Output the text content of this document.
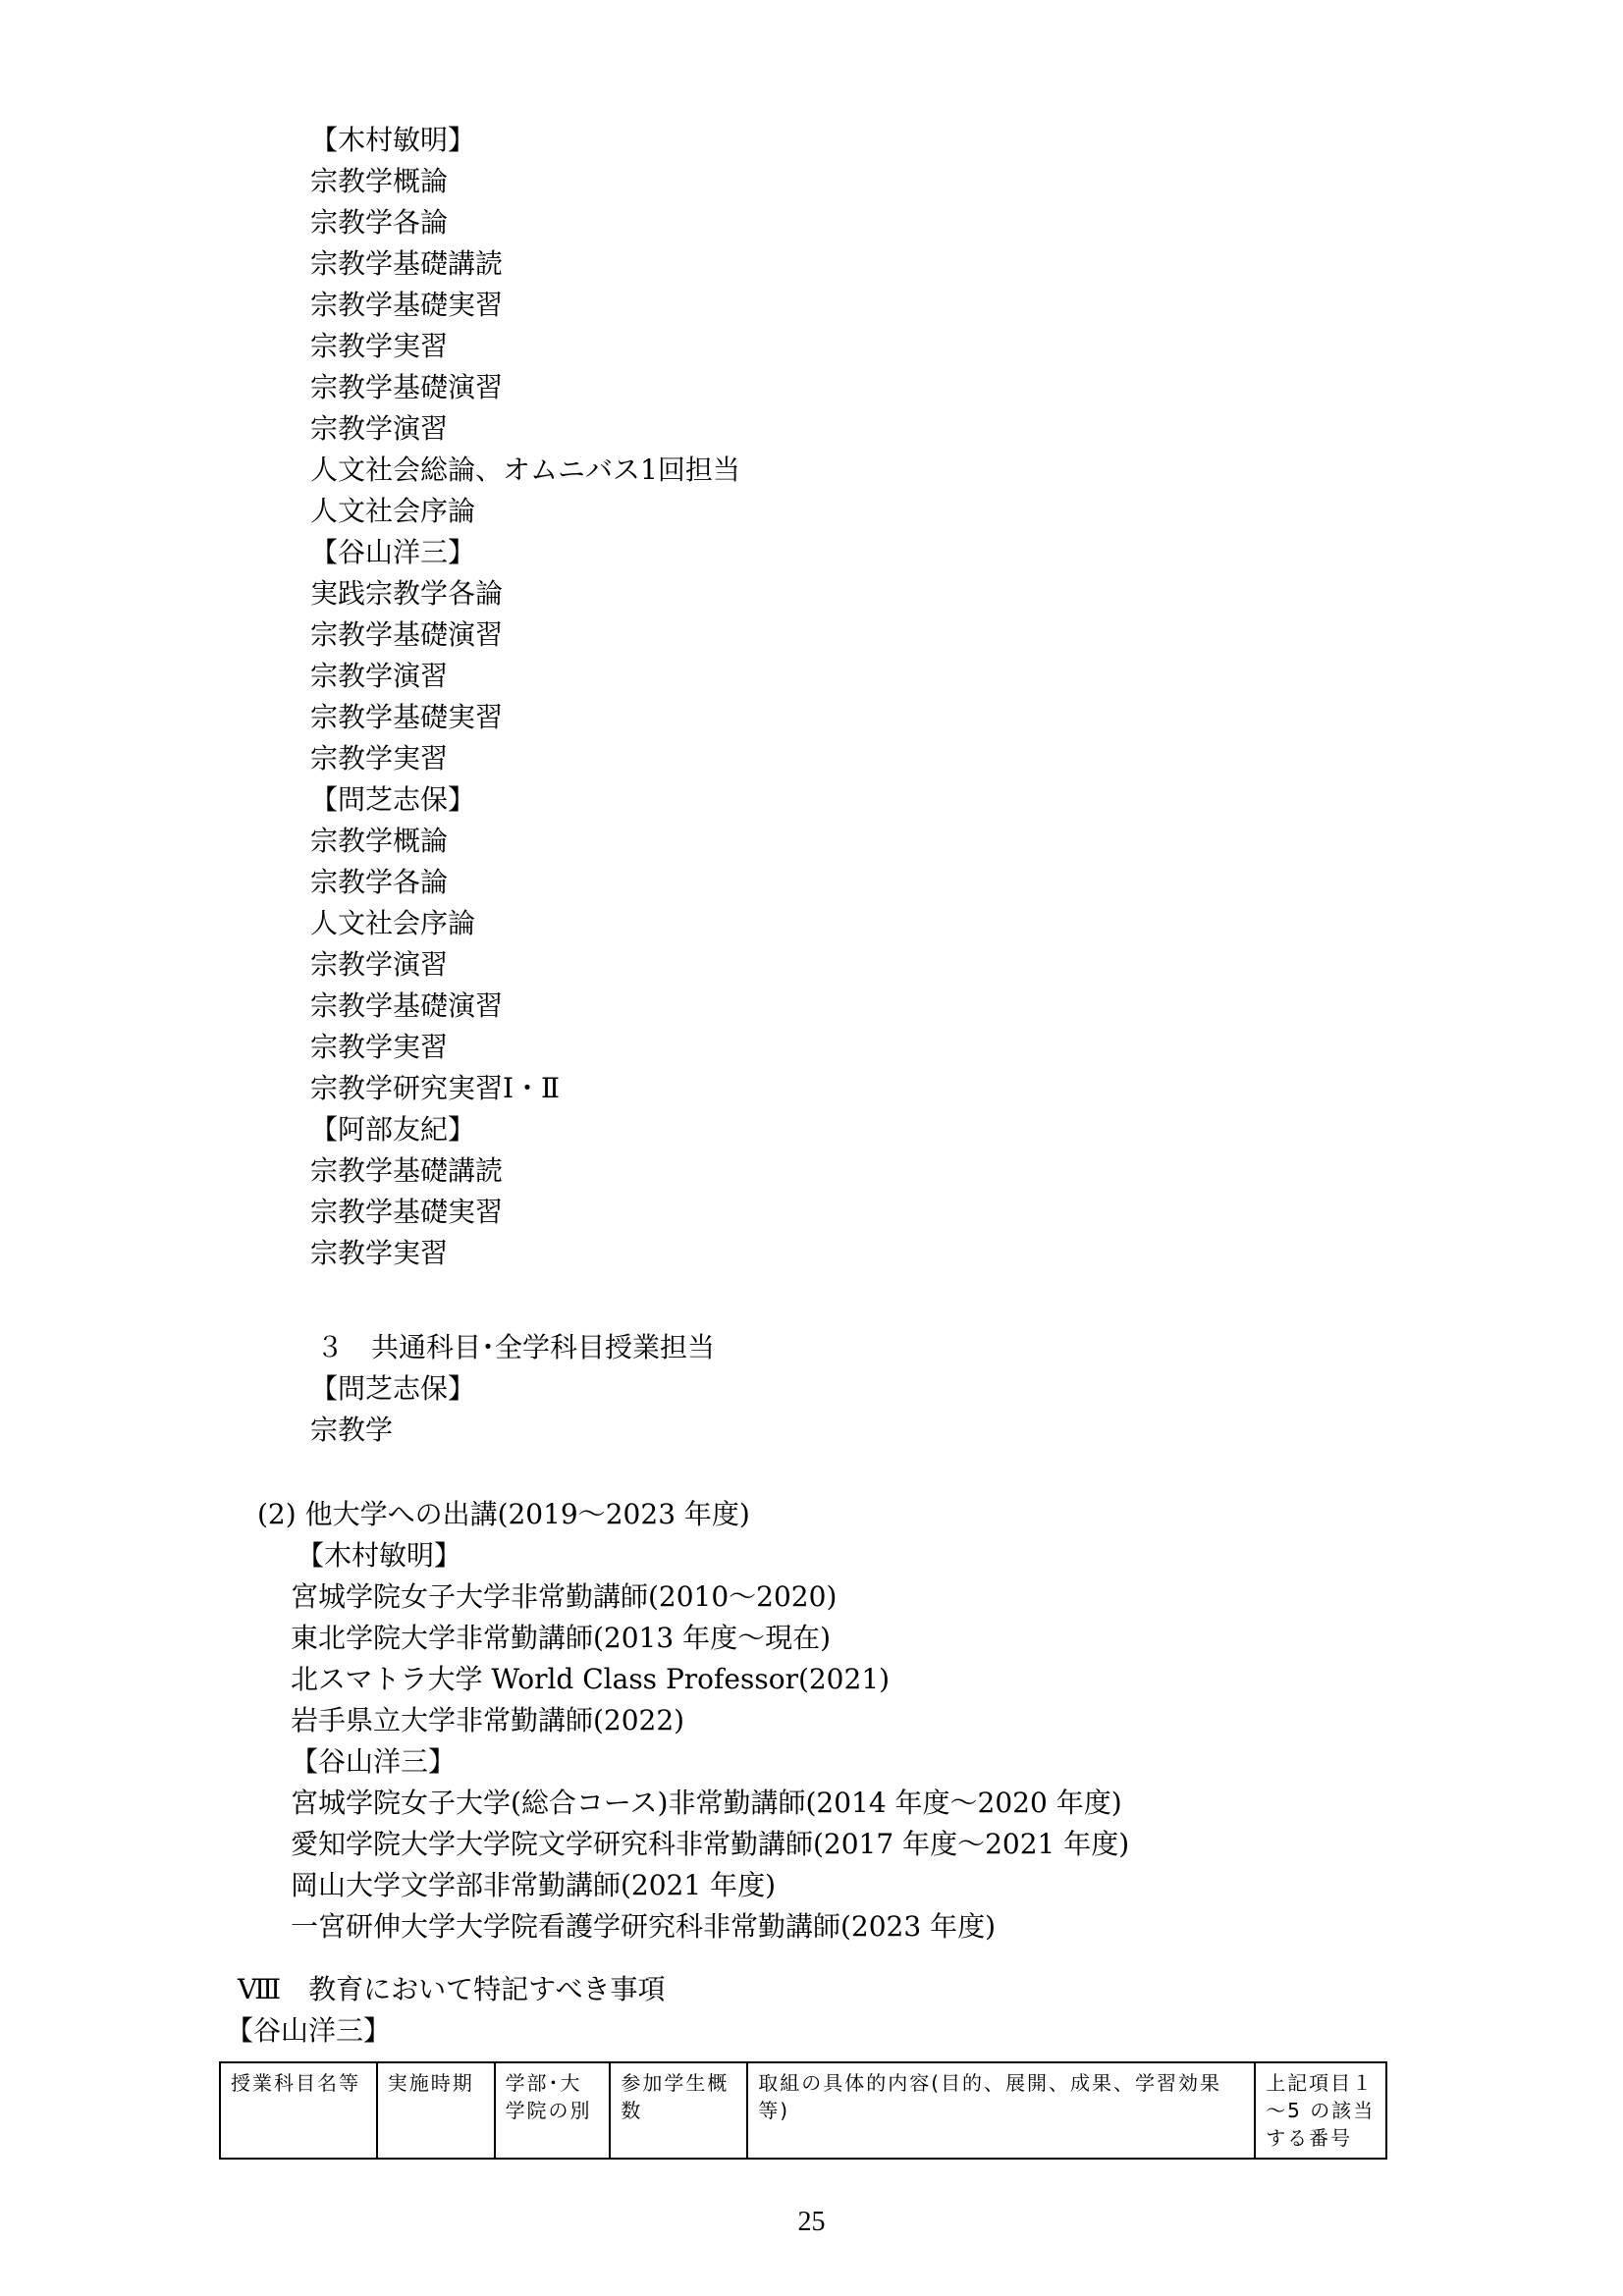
【木村敏明】
宗教学概論
宗教学各論
宗教学基礎講読
宗教学基礎実習
宗教学実習
宗教学基礎演習
宗教学演習
人文社会総論、オムニバス1回担当
人文社会序論
【谷山洋三】
実践宗教学各論
宗教学基礎演習
宗教学演習
宗教学基礎実習
宗教学実習
【問芝志保】
宗教学概論
宗教学各論
人文社会序論
宗教学演習
宗教学基礎演習
宗教学実習
宗教学研究実習Ⅰ・Ⅱ
【阿部友紀】
宗教学基礎講読
宗教学基礎実習
宗教学実習
３　共通科目･全学科目授業担当
【問芝志保】
宗教学
(2) 他大学への出講(2019～2023 年度)
【木村敏明】
宮城学院女子大学非常勤講師(2010～2020)
東北学院大学非常勤講師(2013 年度～現在)
北スマトラ大学 World Class Professor(2021)
岩手県立大学非常勤講師(2022)
【谷山洋三】
宮城学院女子大学(総合コース)非常勤講師(2014 年度～2020 年度)
愛知学院大学大学院文学研究科非常勤講師(2017 年度～2021 年度)
岡山大学文学部非常勤講師(2021 年度)
一宮研伸大学大学院看護学研究科非常勤講師(2023 年度)
Ⅷ　教育において特記すべき事項
【谷山洋三】
授業科目名等	実施時期	学部･大学院の別	参加学生概数	取組の具体的内容(目的、展開、成果、学習効果等)	上記項目１～5 の該当する番号
25
